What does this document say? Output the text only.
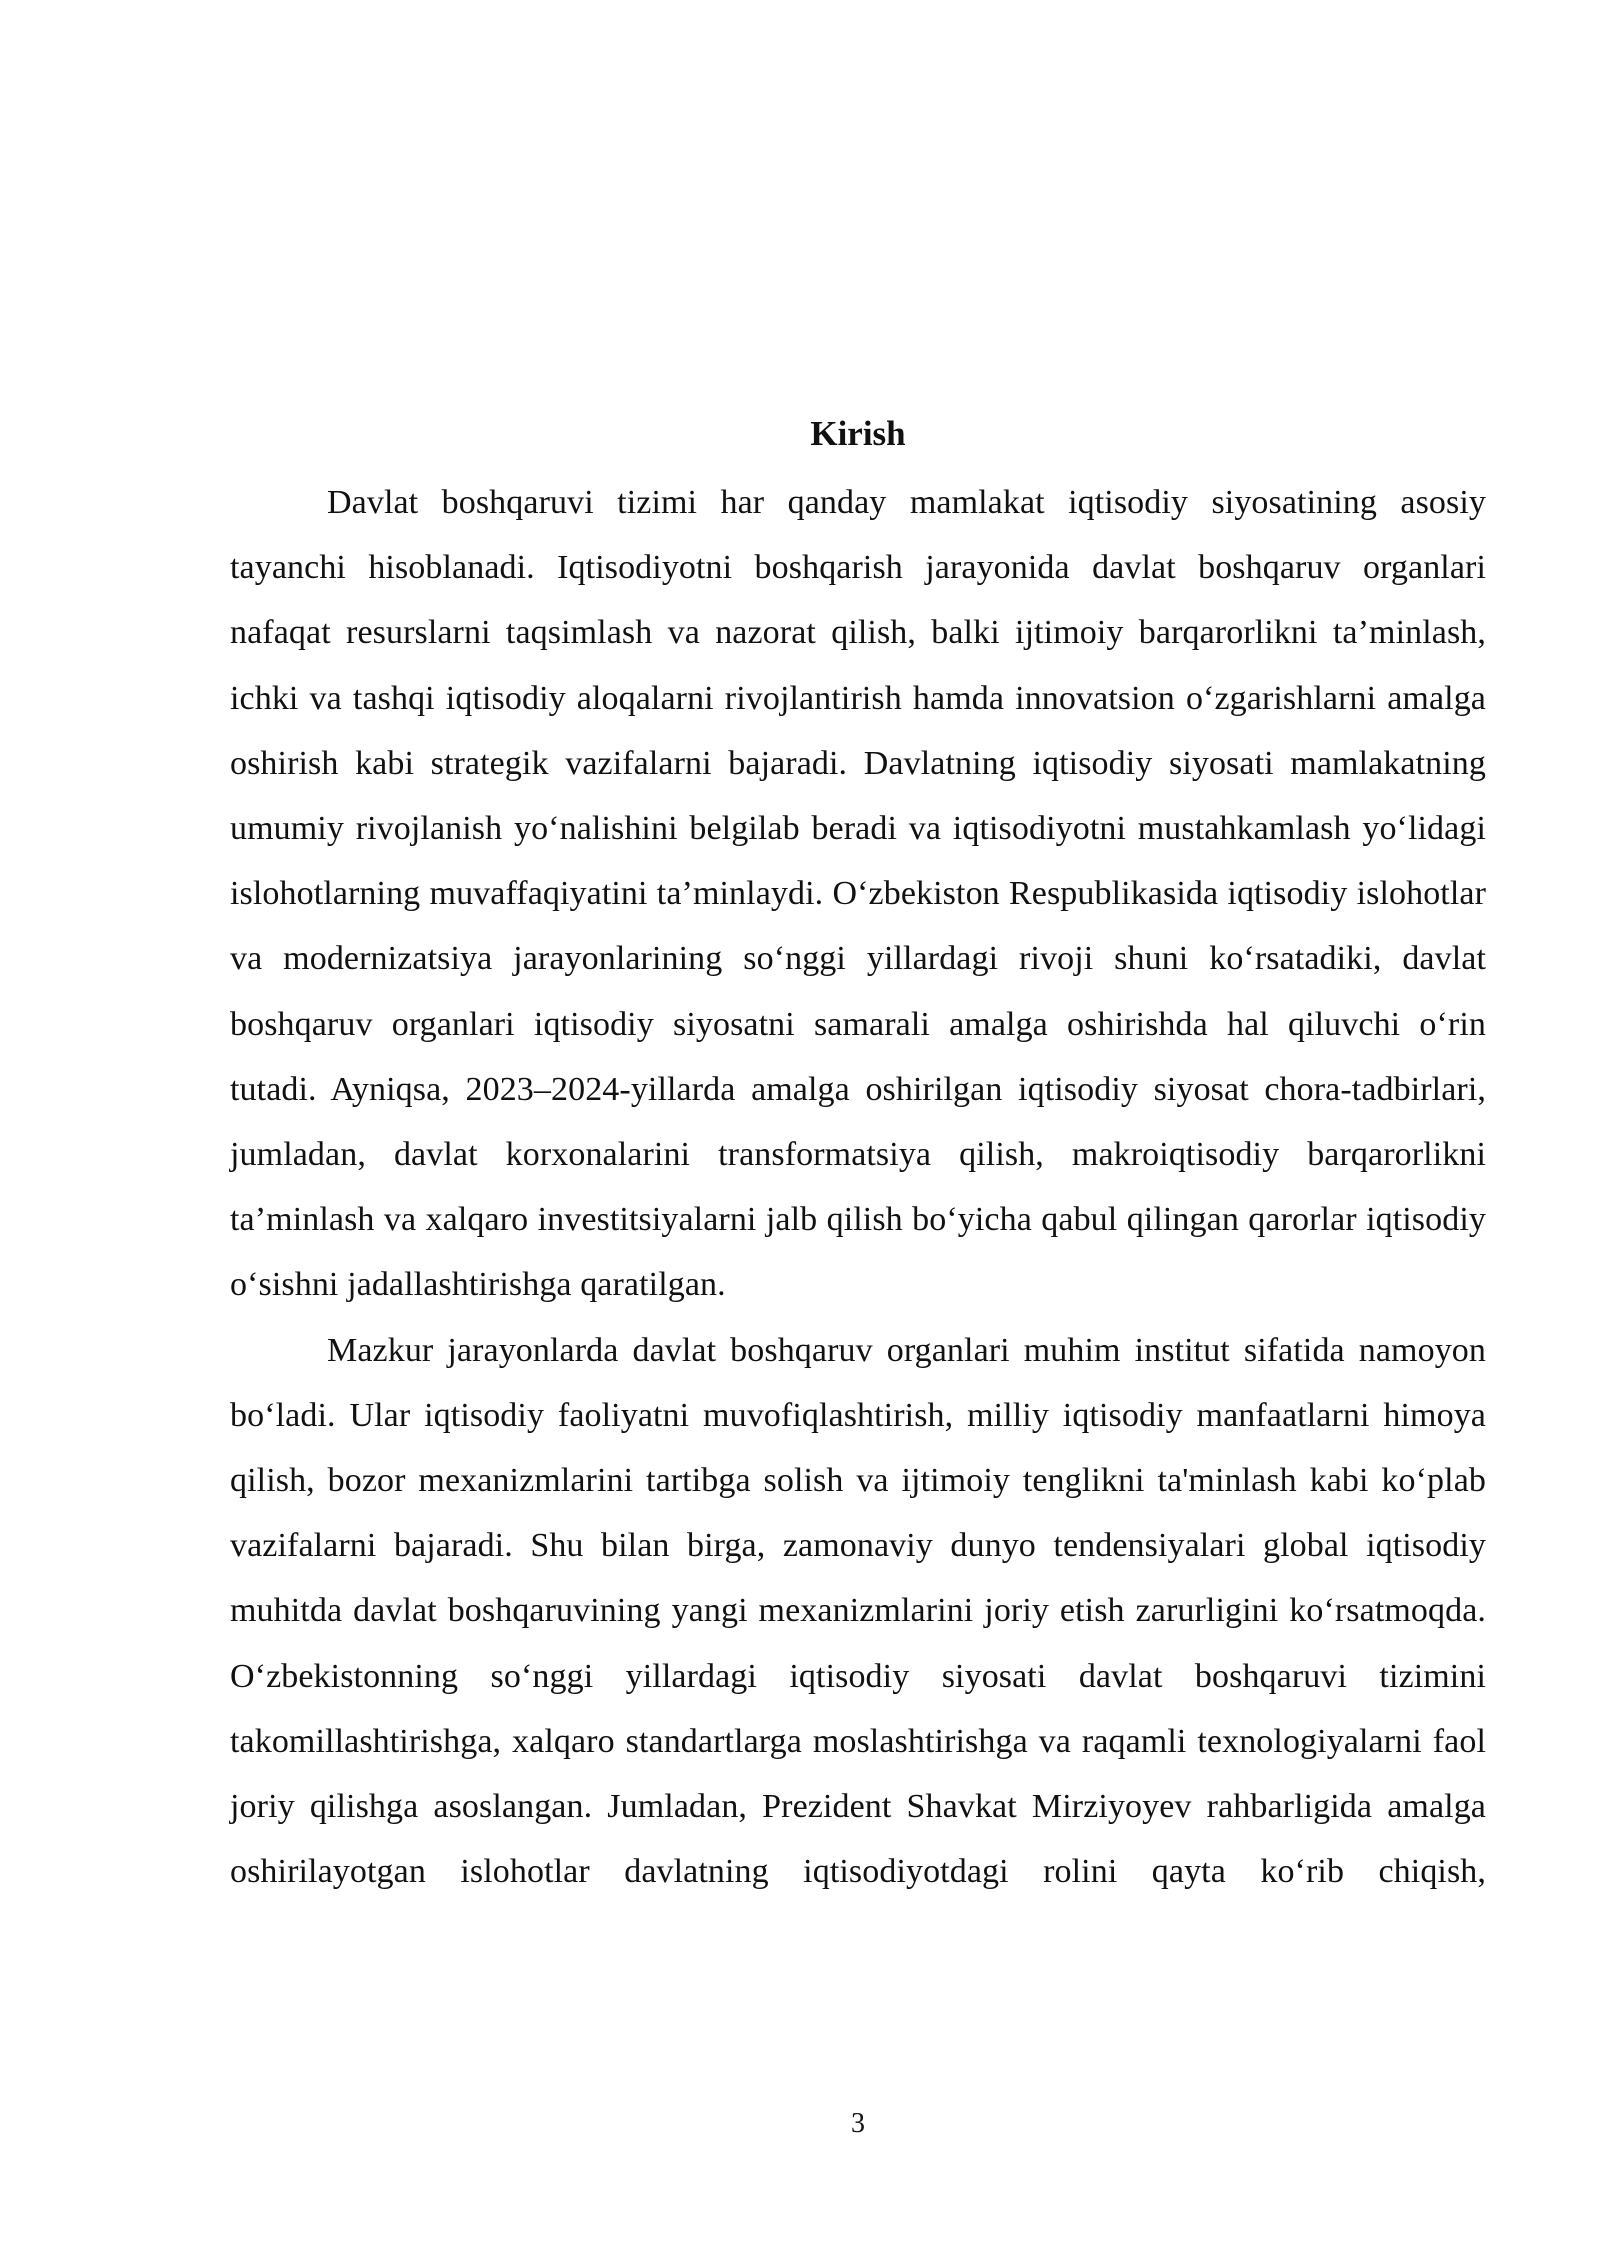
Kirish

Davlat boshqaruvi tizimi har qanday mamlakat iqtisodiy siyosatining asosiy tayanchi hisoblanadi. Iqtisodiyotni boshqarish jarayonida davlat boshqaruv organlari nafaqat resurslarni taqsimlash va nazorat qilish, balki ijtimoiy barqarorlikni ta’minlash, ichki va tashqi iqtisodiy aloqalarni rivojlantirish hamda innovatsion o‘zgarishlarni amalga oshirish kabi strategik vazifalarni bajaradi. Davlatning iqtisodiy siyosati mamlakatning umumiy rivojlanish yo‘nalishini belgilab beradi va iqtisodiyotni mustahkamlash yo‘lidagi islohotlarning muvaffaqiyatini ta’minlaydi. O‘zbekiston Respublikasida iqtisodiy islohotlar va modernizatsiya jarayonlarining so‘nggi yillardagi rivoji shuni ko‘rsatadiki, davlat boshqaruv organlari iqtisodiy siyosatni samarali amalga oshirishda hal qiluvchi o‘rin tutadi. Ayniqsa, 2023–2024-yillarda amalga oshirilgan iqtisodiy siyosat chora-tadbirlari, jumladan, davlat korxonalarini transformatsiya qilish, makroiqtisodiy barqarorlikni ta’minlash va xalqaro investitsiyalarni jalb qilish bo‘yicha qabul qilingan qarorlar iqtisodiy o‘sishni jadallashtirishga qaratilgan.

Mazkur jarayonlarda davlat boshqaruv organlari muhim institut sifatida namoyon bo‘ladi. Ular iqtisodiy faoliyatni muvofiqlashtirish, milliy iqtisodiy manfaatlarni himoya qilish, bozor mexanizmlarini tartibga solish va ijtimoiy tenglikni ta'minlash kabi ko‘plab vazifalarni bajaradi. Shu bilan birga, zamonaviy dunyo tendensiyalari global iqtisodiy muhitda davlat boshqaruvining yangi mexanizmlarini joriy etish zarurligini ko‘rsatmoqda. O‘zbekistonning so‘nggi yillardagi iqtisodiy siyosati davlat boshqaruvi tizimini takomillashtirishga, xalqaro standartlarga moslashtirishga va raqamli texnologiyalarni faol joriy qilishga asoslangan. Jumladan, Prezident Shavkat Mirziyoyev rahbarligida amalga oshirilayotgan islohotlar davlatning iqtisodiyotdagi rolini qayta ko‘rib chiqish,

3
